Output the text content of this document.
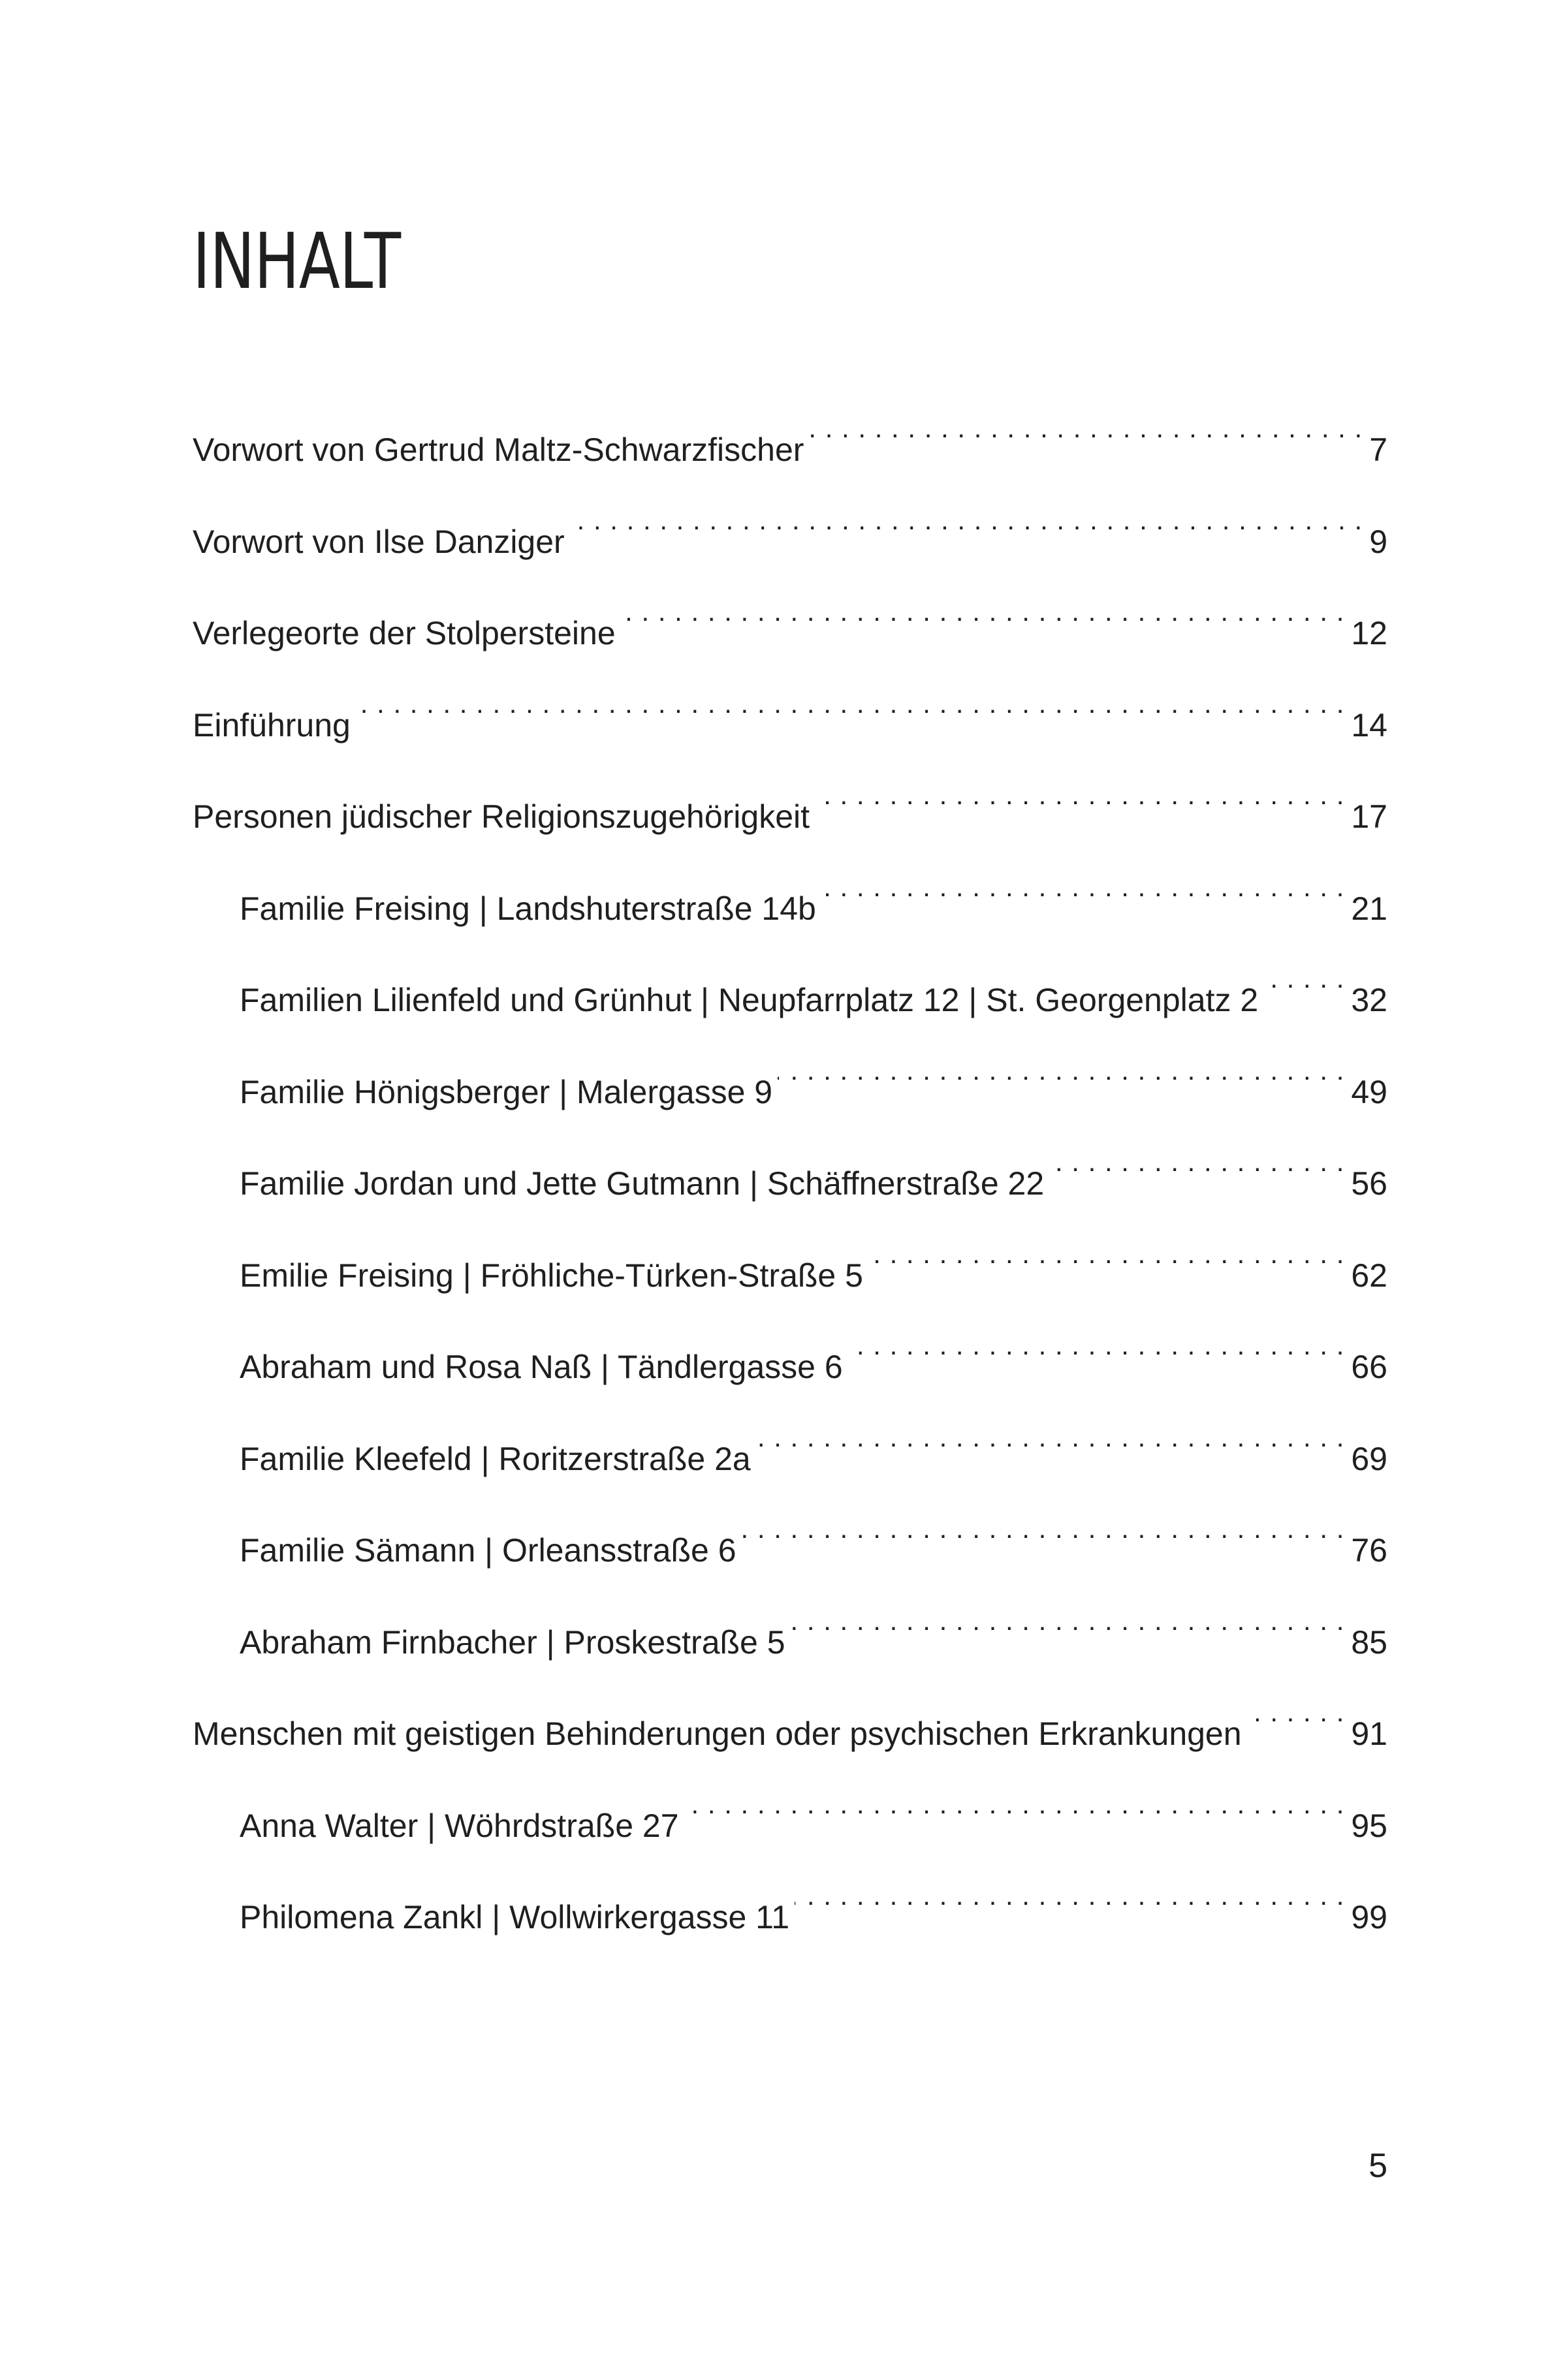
INHALT
Vorwort von Gertrud Maltz-Schwarzfischer . . .	7
Vorwort von Ilse Danziger . . .	9
Verlegeorte der Stolpersteine . . .	12
Einführung . . .	14
Personen jüdischer Religionszugehörigkeit . . .	17
Familie Freising | Landshuterstraße 14b . . .	21
Familien Lilienfeld und Grünhut | Neupfarrplatz 12 | St. Georgenplatz 2 . . .	32
Familie Hönigsberger | Malergasse 9 . . .	49
Familie Jordan und Jette Gutmann | Schäffnerstraße 22 . . .	56
Emilie Freising | Fröhliche-Türken-Straße 5 . . .	62
Abraham und Rosa Naß | Tändlergasse 6 . . .	66
Familie Kleefeld | Roritzerstraße 2a . . .	69
Familie Sämann | Orleansstraße 6 . . .	76
Abraham Firnbacher | Proskestraße 5 . . .	85
Menschen mit geistigen Behinderungen oder psychischen Erkrankungen . . .	91
Anna Walter | Wöhrdstraße 27 . . .	95
Philomena Zankl | Wollwirkergasse 11 . . .	99
5
